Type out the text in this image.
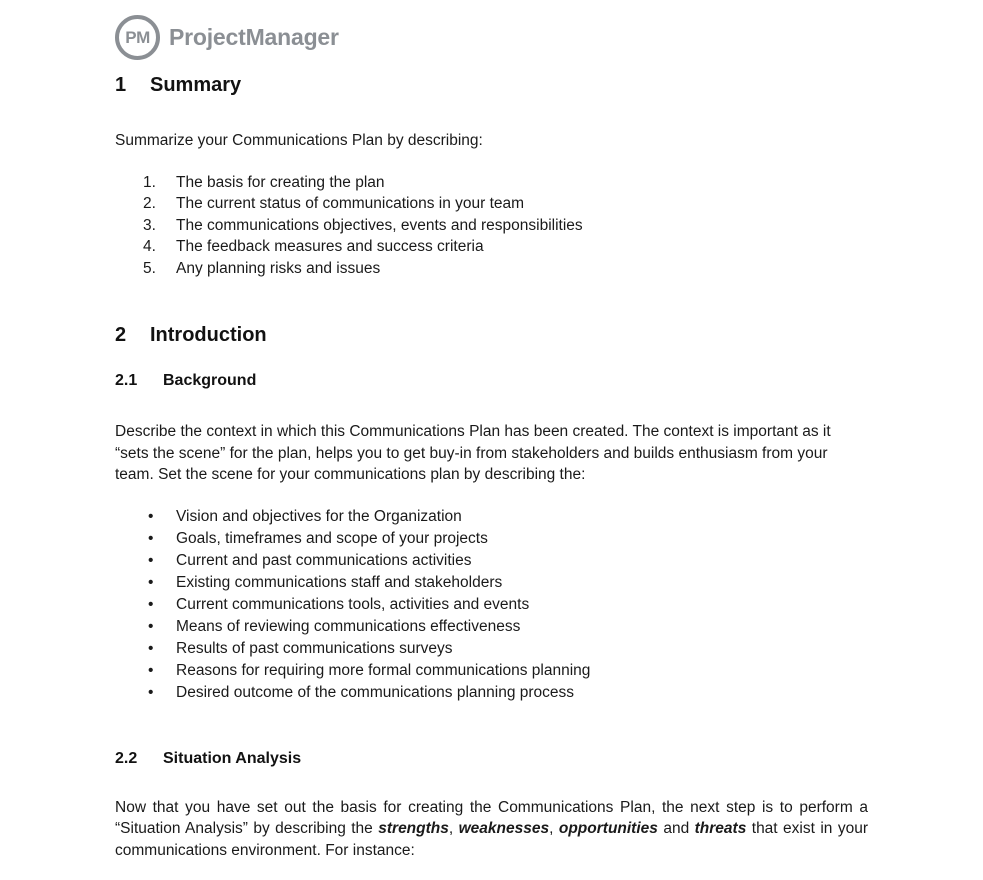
PM ProjectManager
1 Summary

Summarize your Communications Plan by describing:

1.	The basis for creating the plan
2.	The current status of communications in your team
3.	The communications objectives, events and responsibilities
4.	The feedback measures and success criteria
5.	Any planning risks and issues
2 Introduction
2.1 Background

Describe the context in which this Communications Plan has been created. The context is important as it “sets the scene” for the plan, helps you to get buy-in from stakeholders and builds enthusiasm from your team. Set the scene for your communications plan by describing the:

•	Vision and objectives for the Organization
•	Goals, timeframes and scope of your projects
•	Current and past communications activities
•	Existing communications staff and stakeholders
•	Current communications tools, activities and events
•	Means of reviewing communications effectiveness
•	Results of past communications surveys
•	Reasons for requiring more formal communications planning
•	Desired outcome of the communications planning process
2.2 Situation Analysis

Now that you have set out the basis for creating the Communications Plan, the next step is to perform a “Situation Analysis” by describing the strengths, weaknesses, opportunities and threats that exist in your communications environment. For instance:
